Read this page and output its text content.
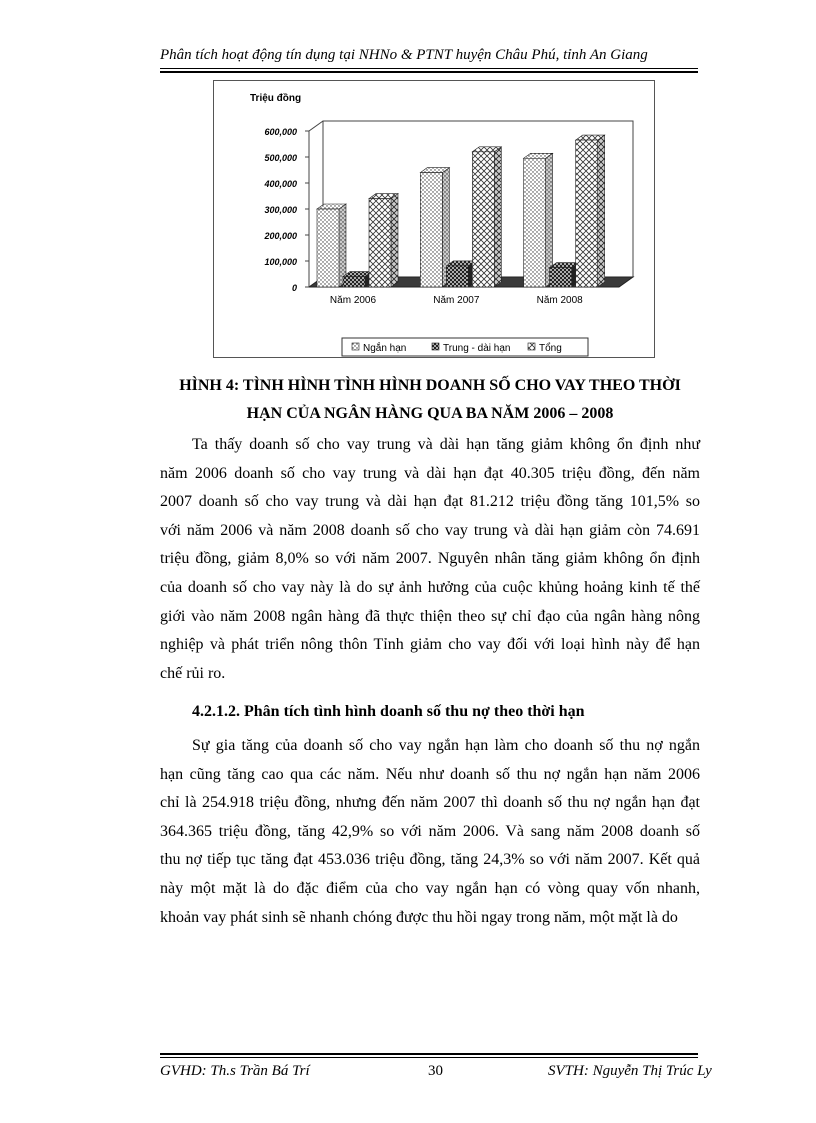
Phân tích hoạt động tín dụng tại NHNo & PTNT huyện Châu Phú, tỉnh An Giang
Triệu đồng
600,000
500,000
400,000
300,000
200,000
100,000
0
Năm 2006	Năm 2007	Năm 2008
Ngắn hạn	Trung - dài hạn	Tổng
HÌNH 4: TÌNH HÌNH TÌNH HÌNH DOANH SỐ CHO VAY THEO THỜI
HẠN CỦA NGÂN HÀNG QUA BA NĂM 2006 – 2008
Ta thấy doanh số cho vay trung và dài hạn tăng giảm không ổn định như
năm 2006 doanh số cho vay trung và dài hạn đạt 40.305 triệu đồng, đến năm
2007 doanh số cho vay trung và dài hạn đạt 81.212 triệu đồng tăng 101,5% so
với năm 2006 và năm 2008 doanh số cho vay trung và dài hạn giảm còn 74.691
triệu đồng, giảm 8,0% so với năm 2007. Nguyên nhân tăng giảm không ổn định
của doanh số cho vay này là do sự ảnh hưởng của cuộc khủng hoảng kinh tế thế
giới vào năm 2008 ngân hàng đã thực thiện theo sự chỉ đạo của ngân hàng nông
nghiệp và phát triển nông thôn Tỉnh giảm cho vay đối với loại hình này để hạn
chế rủi ro.
4.2.1.2. Phân tích tình hình doanh số thu nợ theo thời hạn
Sự gia tăng của doanh số cho vay ngắn hạn làm cho doanh số thu nợ ngắn
hạn cũng tăng cao qua các năm. Nếu như doanh số thu nợ ngắn hạn năm 2006
chỉ là 254.918 triệu đồng, nhưng đến năm 2007 thì doanh số thu nợ ngắn hạn đạt
364.365 triệu đồng, tăng 42,9% so với năm 2006. Và sang năm 2008 doanh số
thu nợ tiếp tục tăng đạt 453.036 triệu đồng, tăng 24,3% so với năm 2007. Kết quả
này một mặt là do đặc điểm của cho vay ngắn hạn có vòng quay vốn nhanh,
khoản vay phát sinh sẽ nhanh chóng được thu hồi ngay trong năm, một mặt là do
GVHD: Th.s Trần Bá Trí	30	SVTH: Nguyễn Thị Trúc Ly
